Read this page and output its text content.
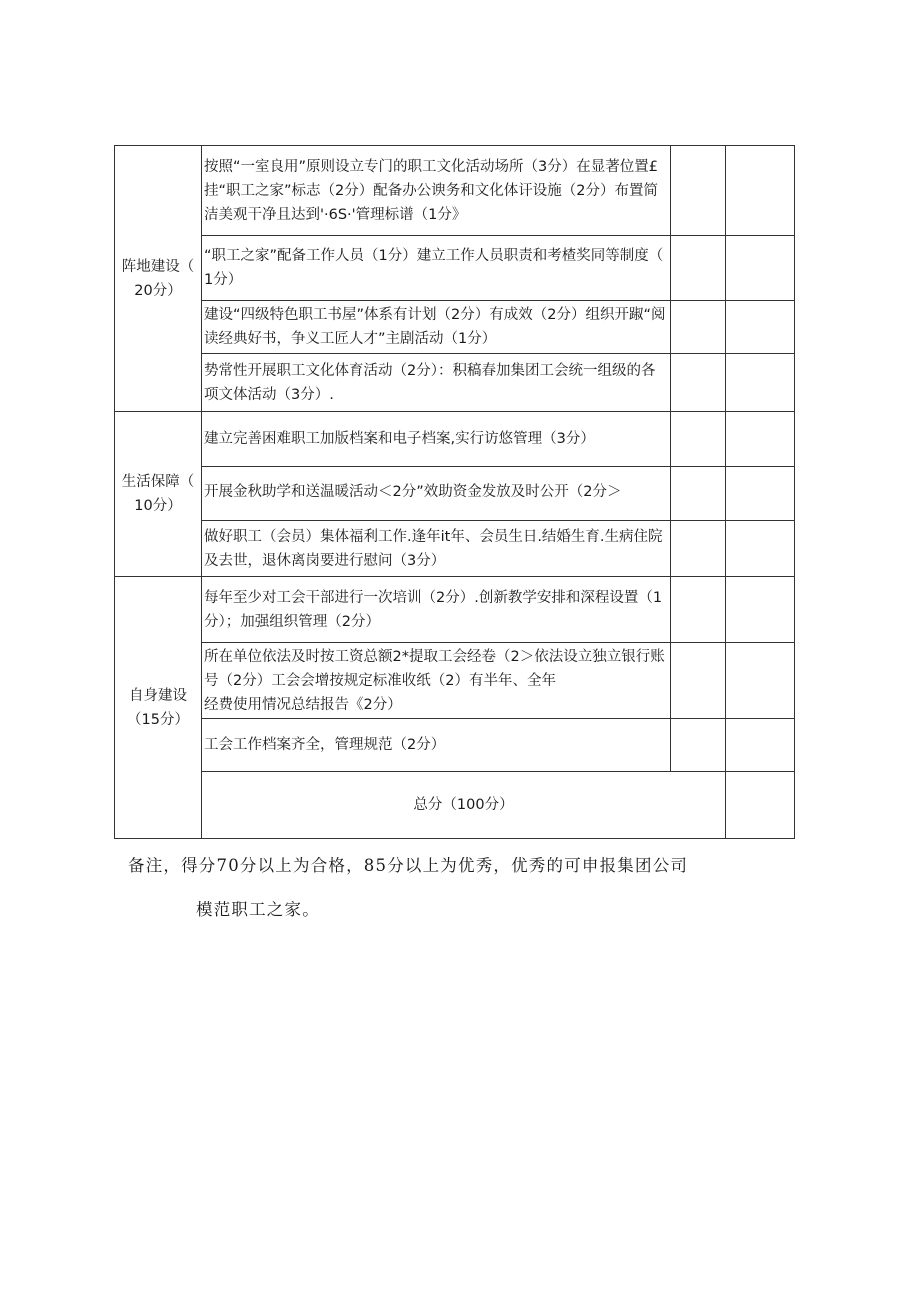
阵地建设（
20分）	按照“一室良用”原则设立专门的职工文化活动场所（3分）在显著位置£
挂“职工之家”标志（2分）配备办公谀务和文化体讦设施（2分）布置简
洁美观干净且达到'·6S·'管理标谱（1分》			

	“职工之家”配备工作人员（1分）建立工作人员职责和考楂奖同等制度（
1分）			

	建设“四级特色职工书屋”体系有计划（2分）有成效（2分）组织开踧“阅
读经典好书，争义工匠人才”主剧活动（1分）			

	势常性开展职工文化体育活动（2分）：积稿春加集团工会统一组级的各
项文体活动（3分）.			

生活保障（
10分）	建立完善困难职工加版档案和电子档案,实行访悠管理（3分）			

	开展金秋助学和送温暖活动＜2分”效助资金发放及时公开（2分＞			

	做好职工（会员）集体福利工作.逢年it年、会员生日.结婚生育.生病住院
及去世，退休离岗要进行慰问（3分）			

自身建设
（15分）	每年至少对工会干部进行一次培训（2分）.创新教学安排和深程设置（1
分）；加强组织管理（2分）			

	所在单位依法及时按工资总额2*提取工会经卷（2＞依法设立独立银行账
号（2分）工会会增按规定标准收纸（2）有半年、全年
经费使用情况总结报告《2分）			

	工会工作档案齐全，管理规范（2分）			

	总分（100分）			
备注，得分70分以上为合格，85分以上为优秀，优秀的可申报集团公司
模范职工之家。
